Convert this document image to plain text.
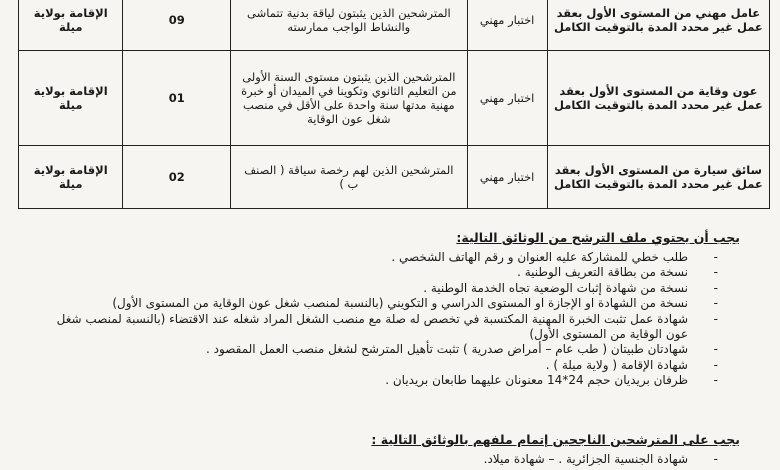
عامل مهني من المستوى الأول بعقد عمل غير محدد المدة بالتوقيت الكامل	اختبار مهني	المترشحين الذين يثبتون لياقة بدنية تتماشى والنشاط الواجب ممارسته	09	الإقامة بولاية ميلة
عون وقاية من المستوى الأول بعقد عمل غير محدد المدة بالتوقيت الكامل	اختبار مهني	المترشحين الذين يثبتون مستوى السنة الأولى من التعليم الثانوي وتكوينا في الميدان أو خبرة مهنية مدتها سنة واحدة على الأقل في منصب شغل عون الوقاية	01	الإقامة بولاية ميلة
سائق سيارة من المستوى الأول بعقد عمل غير محدد المدة بالتوقيت الكامل	اختبار مهني	المترشحين الذين لهم رخصة سياقة ( الصنف ب )	02	الإقامة بولاية ميلة
يجب أن يحتوي ملف الترشح من الوثائق التالية:
- طلب خطي للمشاركة عليه العنوان و رقم الهاتف الشخصي .
- نسخة من بطاقة التعريف الوطنية .
- نسخة من شهادة إثبات الوضعية تجاه الخدمة الوطنية .
- نسخة من الشهادة او الإجازة او المستوى الدراسي و التكويني (بالنسبة لمنصب شغل عون الوقاية من المستوى الأول)
- شهادة عمل تثبت الخبرة المهنية المكتسبة في تخصص له صلة مع منصب الشغل المراد شغله عند الاقتضاء (بالنسبة لمنصب شغل عون الوقاية من المستوى الأول)
- شهادتان طبيتان ( طب عام – أمراض صدرية ) تثبت تأهيل المترشح لشغل منصب العمل المقصود .
- شهادة الإقامة ( ولاية ميلة ) .
- ظرفان بريديان حجم 24*14 معنونان عليهما طابعان بريديان .
يجب على المترشحين الناجحين إتمام ملفهم بالوثائق التالية :
- شهادة الجنسية الجزائرية . – شهادة ميلاد.
